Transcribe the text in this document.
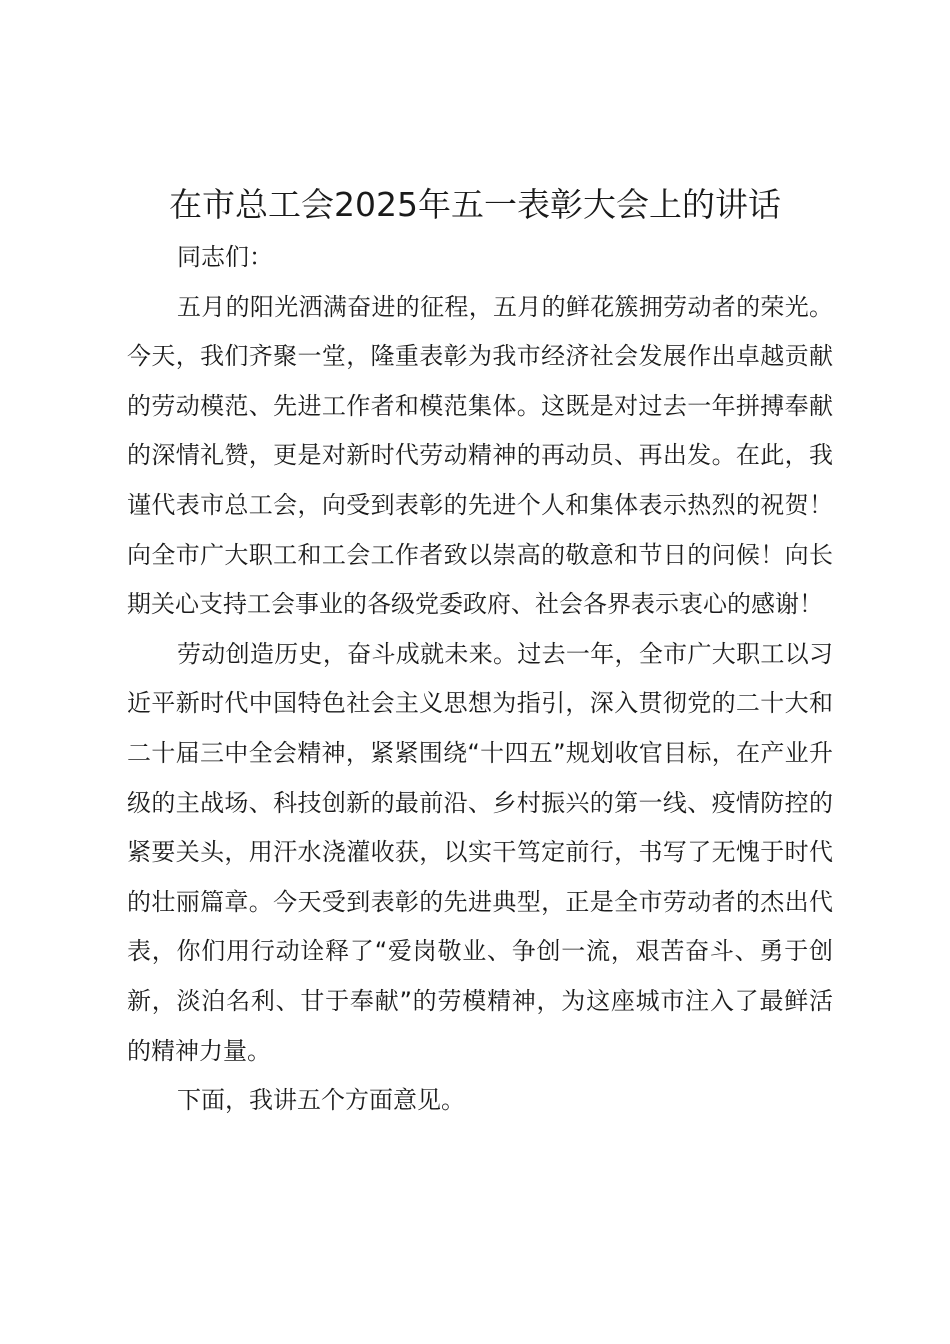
在市总工会2025年五一表彰大会上的讲话

同志们：

五月的阳光洒满奋进的征程，五月的鲜花簇拥劳动者的荣光。今天，我们齐聚一堂，隆重表彰为我市经济社会发展作出卓越贡献的劳动模范、先进工作者和模范集体。这既是对过去一年拼搏奉献的深情礼赞，更是对新时代劳动精神的再动员、再出发。在此，我谨代表市总工会，向受到表彰的先进个人和集体表示热烈的祝贺！向全市广大职工和工会工作者致以崇高的敬意和节日的问候！向长期关心支持工会事业的各级党委政府、社会各界表示衷心的感谢！

劳动创造历史，奋斗成就未来。过去一年，全市广大职工以习近平新时代中国特色社会主义思想为指引，深入贯彻党的二十大和二十届三中全会精神，紧紧围绕“十四五”规划收官目标，在产业升级的主战场、科技创新的最前沿、乡村振兴的第一线、疫情防控的紧要关头，用汗水浇灌收获，以实干笃定前行，书写了无愧于时代的壮丽篇章。今天受到表彰的先进典型，正是全市劳动者的杰出代表，你们用行动诠释了“爱岗敬业、争创一流，艰苦奋斗、勇于创新，淡泊名利、甘于奉献”的劳模精神，为这座城市注入了最鲜活的精神力量。

下面，我讲五个方面意见。
